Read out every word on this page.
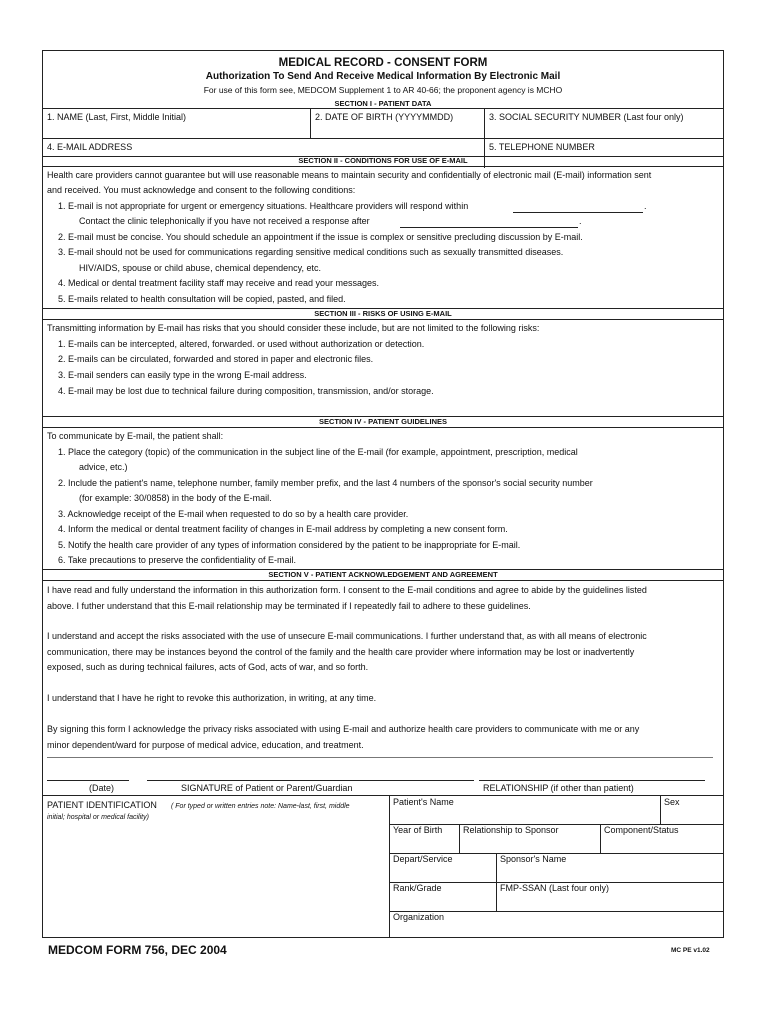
MEDICAL RECORD - CONSENT FORM
Authorization To Send And Receive Medical Information By Electronic Mail
For use of this form see, MEDCOM Supplement 1 to AR 40-66; the proponent agency is MCHO
SECTION I - PATIENT DATA
1. NAME (Last, First, Middle Initial)	2. DATE OF BIRTH (YYYYMMDD)	3. SOCIAL SECURITY NUMBER (Last four only)
4. E-MAIL ADDRESS	5. TELEPHONE NUMBER
SECTION II - CONDITIONS FOR USE OF E-MAIL
Health care providers cannot guarantee but will use reasonable means to maintain security and confidentially of electronic mail (E-mail) information sent
and received. You must acknowledge and consent to the following conditions:
1. E-mail is not appropriate for urgent or emergency situations. Healthcare providers will respond within	.
Contact the clinic telephonically if you have not received a response after	.
2. E-mail must be concise. You should schedule an appointment if the issue is complex or sensitive precluding discussion by E-mail.
3. E-mail should not be used for communications regarding sensitive medical conditions such as sexually transmitted diseases.
HIV/AIDS, spouse or child abuse, chemical dependency, etc.
4. Medical or dental treatment facility staff may receive and read your messages.
5. E-mails related to health consultation will be copied, pasted, and filed.
SECTION III - RISKS OF USING E-MAIL
Transmitting information by E-mail has risks that you should consider these include, but are not limited to the following risks:
1. E-mails can be intercepted, altered, forwarded. or used without authorization or detection.
2. E-mails can be circulated, forwarded and stored in paper and electronic files.
3. E-mail senders can easily type in the wrong E-mail address.
4. E-mail may be lost due to technical failure during composition, transmission, and/or storage.
SECTION IV - PATIENT GUIDELINES
To communicate by E-mail, the patient shall:
1. Place the category (topic) of the communication in the subject line of the E-mail (for example, appointment, prescription, medical
advice, etc.)
2. Include the patient's name, telephone number, family member prefix, and the last 4 numbers of the sponsor's social security number
(for example: 30/0858) in the body of the E-mail.
3. Acknowledge receipt of the E-mail when requested to do so by a health care provider.
4. Inform the medical or dental treatment facility of changes in E-mail address by completing a new consent form.
5. Notify the health care provider of any types of information considered by the patient to be inappropriate for E-mail.
6. Take precautions to preserve the confidentiality of E-mail.
SECTION V - PATIENT ACKNOWLEDGEMENT AND AGREEMENT
I have read and fully understand the information in this authorization form. I consent to the E-mail conditions and agree to abide by the guidelines listed
above. I futher understand that this E-mail relationship may be terminated if I repeatedly fail to adhere to these guidelines.
I understand and accept the risks associated with the use of unsecure E-mail communications. I further understand that, as with all means of electronic
communication, there may be instances beyond the control of the family and the health care provider where information may be lost or inadvertently
exposed, such as during technical failures, acts of God, acts of war, and so forth.
I understand that I have he right to revoke this authorization, in writing, at any time.
By signing this form I acknowledge the privacy risks associated with using E-mail and authorize health care providers to communicate with me or any
minor dependent/ward for purpose of medical advice, education, and treatment.
(Date)	SIGNATURE of Patient or Parent/Guardian	RELATIONSHIP (if other than patient)
PATIENT IDENTIFICATION ( For typed or written entries note: Name-last, first, middle
initial; hospital or medical facility)
Patient's Name	Sex
Year of Birth Relationship to Sponsor	Component/Status
Depart/Service	Sponsor's Name
Rank/Grade	FMP-SSAN (Last four only)
Organization
MEDCOM FORM 756, DEC 2004	MC PE v1.02
